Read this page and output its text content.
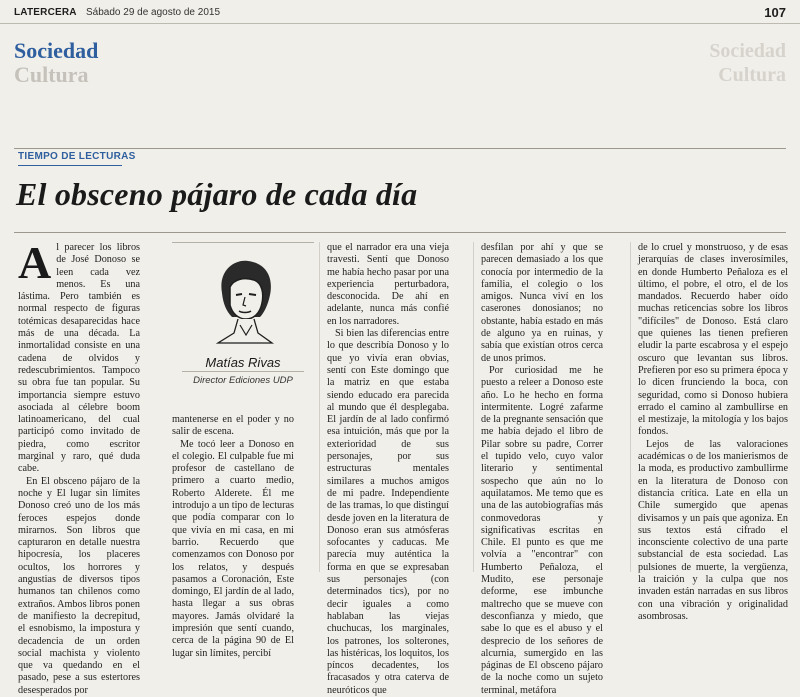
LATERCERA Sábado 29 de agosto de 2015	107
Sociedad
Cultura
Sociedad
Cultura
TIEMPO DE LECTURAS
El obsceno pájaro de cada día
A l parecer los libros de José Donoso se leen cada vez menos. Es una lástima. Pero también es normal respecto de figuras totémicas desaparecidas hace más de una década. La inmortalidad consiste en una cadena de olvidos y redescubrimientos. Tampoco su obra fue tan popular. Su importancia siempre estuvo asociada al célebre boom latinoamericano, del cual participó como invitado de piedra, como escritor marginal y raro, qué duda cabe.

En El obsceno pájaro de la noche y El lugar sin límites Donoso creó uno de los más feroces espejos donde mirarnos. Son libros que capturaron en detalle nuestra hipocresía, los placeres ocultos, los horrores y angustias de diversos tipos humanos tan chilenos como extraños. Ambos libros ponen de manifiesto la decrepitud, el esnobismo, la impostura y decadencia de un orden social machista y violento que va quedando en el pasado, pese a sus estertores desesperados por

Matías Rivas
Director Ediciones UDP

mantenerse en el poder y no salir de escena.

Me tocó leer a Donoso en el colegio. El culpable fue mi profesor de castellano de primero a cuarto medio, Roberto Alderete. Él me introdujo a un tipo de lecturas que podía comparar con lo que vivía en mi casa, en mi barrio. Recuerdo que comenzamos con Donoso por los relatos, y después pasamos a Coronación, Este domingo, El jardín de al lado, hasta llegar a sus obras mayores. Jamás olvidaré la impresión que sentí cuando, cerca de la página 90 de El lugar sin límites, percibí

que el narrador era una vieja travesti. Sentí que Donoso me había hecho pasar por una experiencia perturbadora, desconocida. De ahí en adelante, nunca más confié en los narradores.

Si bien las diferencias entre lo que describía Donoso y lo que yo vivía eran obvias, sentí con Este domingo que la matriz en que estaba siendo educado era parecida al mundo que él desplegaba. El jardín de al lado confirmó esa intuición, más que por la exterioridad de sus personajes, por sus estructuras mentales similares a muchos amigos de mi padre. Independiente de las tramas, lo que distinguí desde joven en la literatura de Donoso eran sus atmósferas sofocantes y caducas. Me parecía muy auténtica la forma en que se expresaban sus personajes (con determinados tics), por no decir iguales a como hablaban las viejas chuchucas, los marginales, los patrones, los solterones, las histéricas, los loquitos, los píncos decadentes, los fracasados y otra caterva de neuróticos que

desfilan por ahí y que se parecen demasiado a los que conocía por intermedio de la familia, el colegio o los amigos. Nunca viví en los caserones donosianos; no obstante, había estado en más de alguno ya en ruinas, y sabía que existían otros cerca de unos primos.

Por curiosidad me he puesto a releer a Donoso este año. Lo he hecho en forma intermitente. Logré zafarme de la pregnante sensación que me había dejado el libro de Pilar sobre su padre, Correr el tupido velo, cuyo valor literario y sentimental sospecho que aún no lo aquilatamos. Me temo que es una de las autobiografías más conmovedoras y significativas escritas en Chile. El punto es que me volvía a "encontrar" con Humberto Peñaloza, el Mudito, ese personaje deforme, ese imbunche maltrecho que se mueve con desconfianza y miedo, que sabe lo que es el abuso y el desprecio de los señores de alcurnia, sumergido en las páginas de El obsceno pájaro de la noche como un sujeto terminal, metáfora

de lo cruel y monstruoso, y de esas jerarquías de clases inverosímiles, en donde Humberto Peñaloza es el último, el pobre, el otro, el de los mandados. Recuerdo haber oído muchas reticencias sobre los libros "difíciles" de Donoso. Está claro que quienes las tienen prefieren eludir la parte escabrosa y el espejo oscuro que levantan sus libros. Prefieren por eso su primera época y lo dicen frunciendo la boca, con seguridad, como si Donoso hubiera errado el camino al zambullirse en el mestizaje, la mitología y los bajos fondos.

Lejos de las valoraciones académicas o de los manierismos de la moda, es productivo zambullirme en la literatura de Donoso con distancia crítica. Late en ella un Chile sumergido que apenas divisamos y un país que agoniza. En sus textos está cifrado el inconsciente colectivo de una parte substancial de esta sociedad. Las pulsiones de muerte, la vergüenza, la traición y la culpa que nos invaden están narradas en sus libros con una vibración y originalidad asombrosas.
